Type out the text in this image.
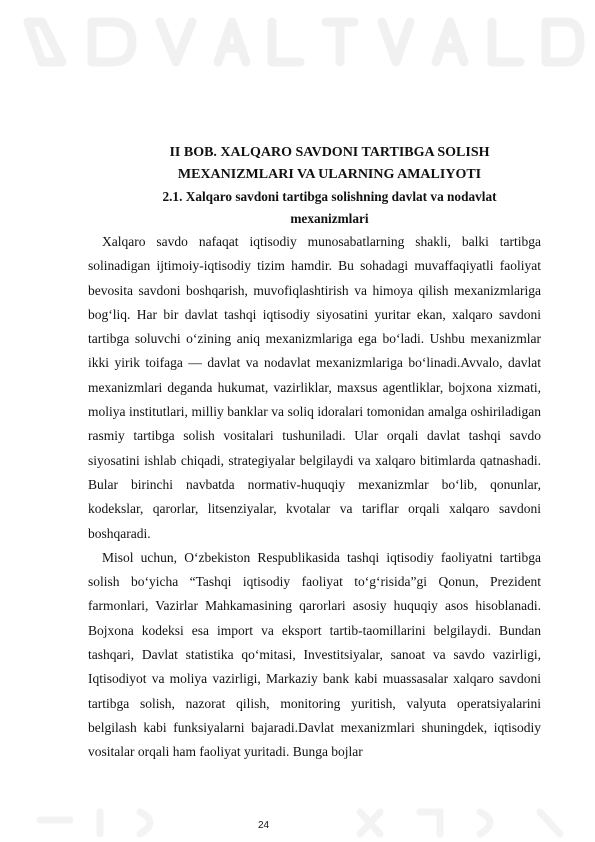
II BOB. XALQARO SAVDONI TARTIBGA SOLISH
MEXANIZMLARI VA ULARNING AMALIYOTI
2.1. Xalqaro savdoni tartibga solishning davlat va nodavlat
mexanizmlari

Xalqaro savdo nafaqat iqtisodiy munosabatlarning shakli, balki tartibga solinadigan ijtimoiy-iqtisodiy tizim hamdir. Bu sohadagi muvaffaqiyatli faoliyat bevosita savdoni boshqarish, muvofiqlashtirish va himoya qilish mexanizmlariga bog‘liq. Har bir davlat tashqi iqtisodiy siyosatini yuritar ekan, xalqaro savdoni tartibga soluvchi o‘zining aniq mexanizmlariga ega bo‘ladi. Ushbu mexanizmlar ikki yirik toifaga — davlat va nodavlat mexanizmlariga bo‘linadi.Avvalo, davlat mexanizmlari deganda hukumat, vazirliklar, maxsus agentliklar, bojxona xizmati, moliya institutlari, milliy banklar va soliq idoralari tomonidan amalga oshiriladigan rasmiy tartibga solish vositalari tushuniladi. Ular orqali davlat tashqi savdo siyosatini ishlab chiqadi, strategiyalar belgilaydi va xalqaro bitimlarda qatnashadi. Bular birinchi navbatda normativ-huquqiy mexanizmlar bo‘lib, qonunlar, kodekslar, qarorlar, litsenziyalar, kvotalar va tariflar orqali xalqaro savdoni boshqaradi.

Misol uchun, O‘zbekiston Respublikasida tashqi iqtisodiy faoliyatni tartibga solish bo‘yicha “Tashqi iqtisodiy faoliyat to‘g‘risida”gi Qonun, Prezident farmonlari, Vazirlar Mahkamasining qarorlari asosiy huquqiy asos hisoblanadi. Bojxona kodeksi esa import va eksport tartib-taomillarini belgilaydi. Bundan tashqari, Davlat statistika qo‘mitasi, Investitsiyalar, sanoat va savdo vazirligi, Iqtisodiyot va moliya vazirligi, Markaziy bank kabi muassasalar xalqaro savdoni tartibga solish, nazorat qilish, monitoring yuritish, valyuta operatsiyalarini belgilash kabi funksiyalarni bajaradi.Davlat mexanizmlari shuningdek, iqtisodiy vositalar orqali ham faoliyat yuritadi. Bunga bojlar

24
